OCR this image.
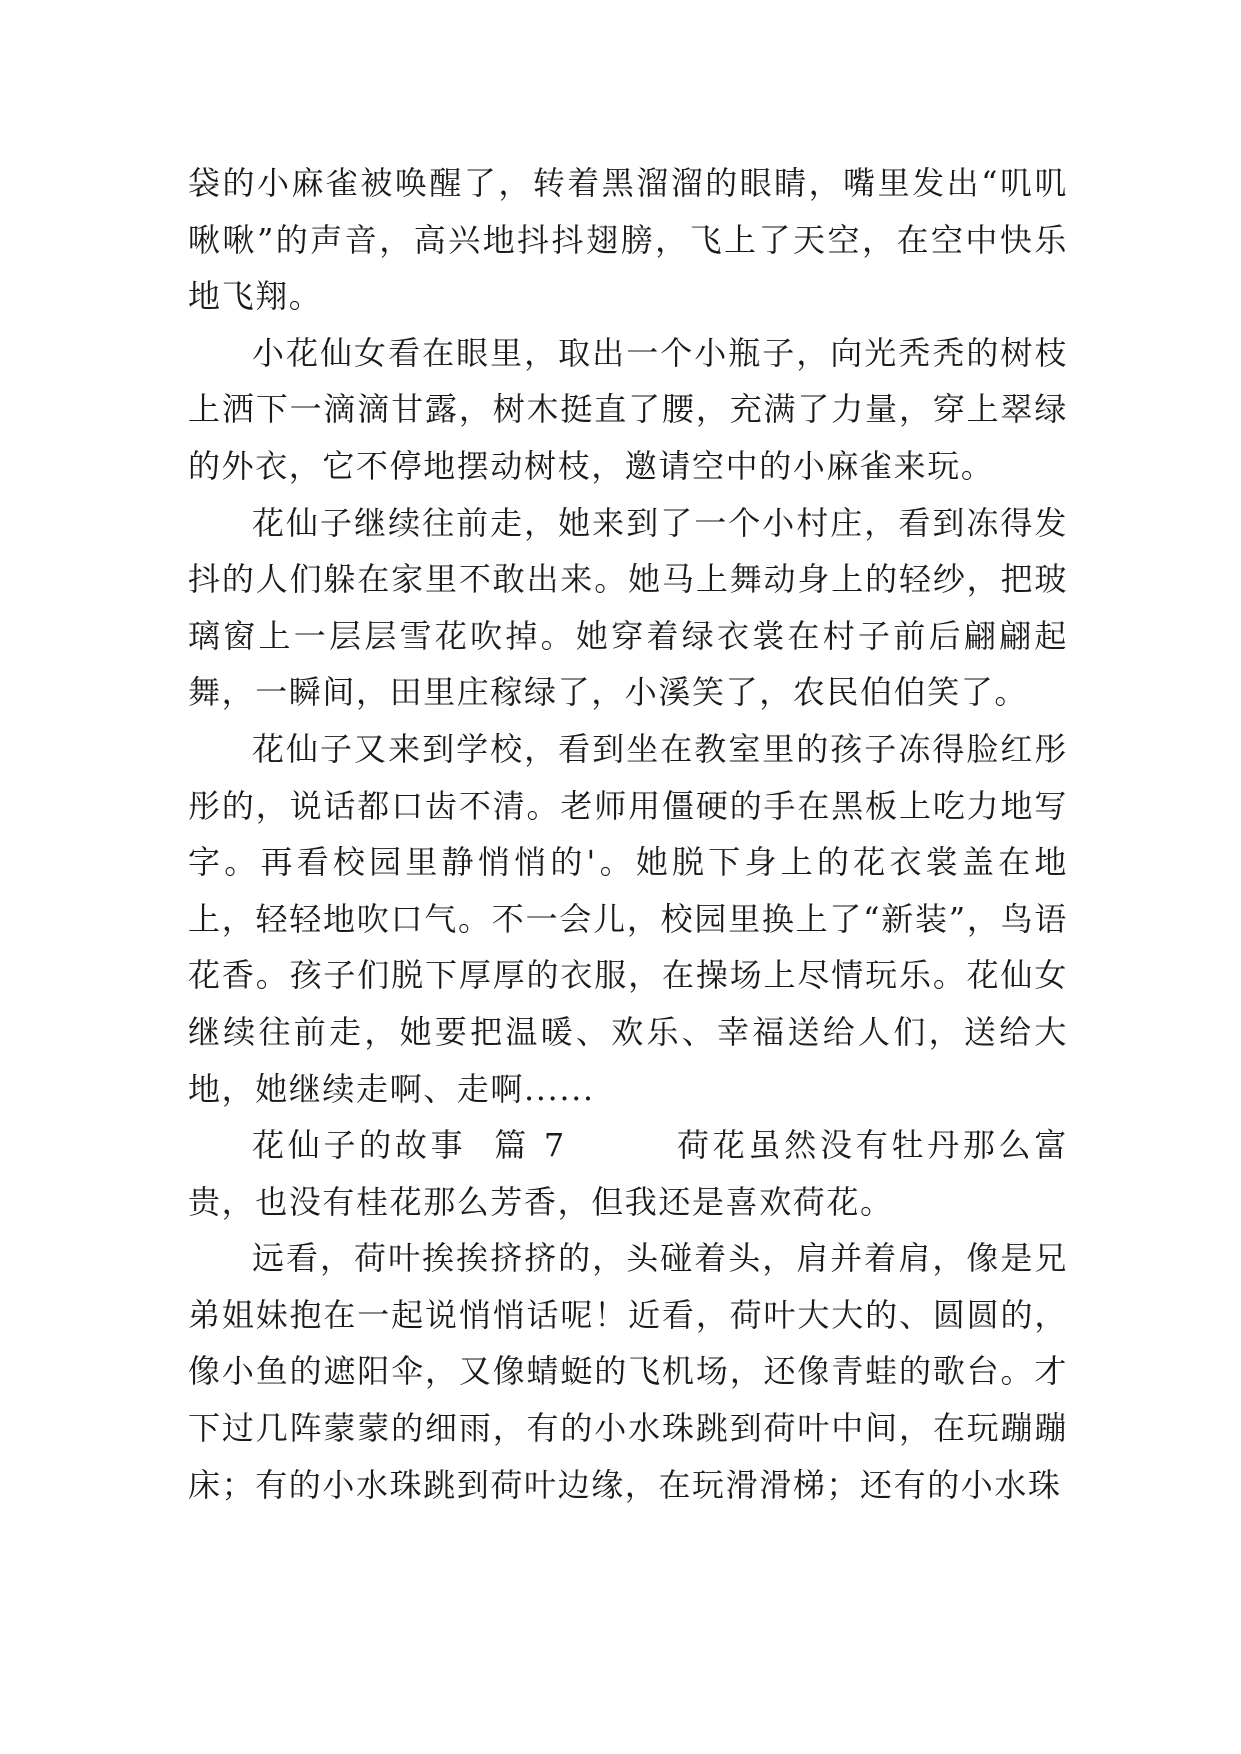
袋的小麻雀被唤醒了，转着黑溜溜的眼睛，嘴里发出“叽叽啾啾”的声音，高兴地抖抖翅膀，飞上了天空，在空中快乐地飞翔。

小花仙女看在眼里，取出一个小瓶子，向光秃秃的树枝上洒下一滴滴甘露，树木挺直了腰，充满了力量，穿上翠绿的外衣，它不停地摆动树枝，邀请空中的小麻雀来玩。

花仙子继续往前走，她来到了一个小村庄，看到冻得发抖的人们躲在家里不敢出来。她马上舞动身上的轻纱，把玻璃窗上一层层雪花吹掉。她穿着绿衣裳在村子前后翩翩起舞，一瞬间，田里庄稼绿了，小溪笑了，农民伯伯笑了。

花仙子又来到学校，看到坐在教室里的孩子冻得脸红彤彤的，说话都口齿不清。老师用僵硬的手在黑板上吃力地写字。再看校园里静悄悄的'。她脱下身上的花衣裳盖在地上，轻轻地吹口气。不一会儿，校园里换上了“新装”，鸟语花香。孩子们脱下厚厚的衣服，在操场上尽情玩乐。花仙女继续往前走，她要把温暖、欢乐、幸福送给人们，送给大地，她继续走啊、走啊......

花仙子的故事  篇 7        荷花虽然没有牡丹那么富贵，也没有桂花那么芳香，但我还是喜欢荷花。

远看，荷叶挨挨挤挤的，头碰着头，肩并着肩，像是兄弟姐妹抱在一起说悄悄话呢！近看，荷叶大大的、圆圆的，像小鱼的遮阳伞，又像蜻蜓的飞机场，还像青蛙的歌台。才下过几阵蒙蒙的细雨，有的小水珠跳到荷叶中间，在玩蹦蹦床；有的小水珠跳到荷叶边缘，在玩滑滑梯；还有的小水珠
